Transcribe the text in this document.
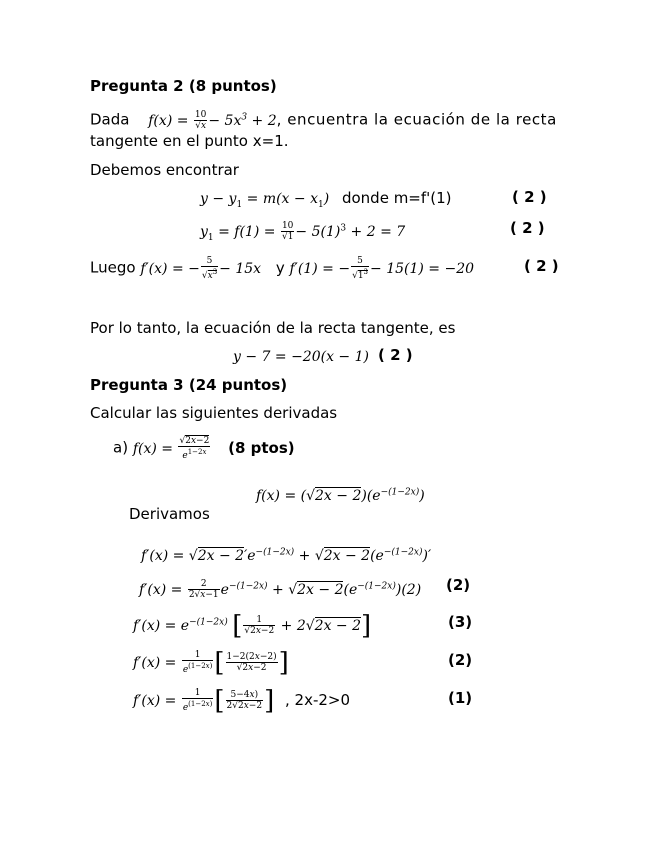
Pregunta 2 (8 puntos)
Dada $f(x) = \frac{10}{√x} - 5x^3 + 2$, encuentra la ecuación de la recta
tangente en el punto x=1.
Debemos encontrar
$y - y_1 = m(x - x_1)$ donde m=f'(1)	( 2 )
$y_1 = f(1) = \frac{10}{√1} - 5(1)^3 + 2 = 7$	( 2 )
Luego f′(x) = − $\frac{5}{√x^3} - 15x$ y f′(1) = − $\frac{5}{√1^3} - 15(1) = -20$	( 2 )
Por lo tanto, la ecuación de la recta tangente, es
y − 7 = −20(x − 1) ( 2 )
Pregunta 3 (24 puntos)
Calcular las siguientes derivadas
a) $f(x) = \frac{√2x-2}{e^{1-2x}} (8$ ptos)
$f(x) = (√2x - 2)(e^{-(1-2x)})$
Derivamos
$f'(x) = √2x - 2'e^{-(1-2x)} + √2x - 2(e^{-(1-2x)})'$
$f'(x) = \frac{2}{2√x-1} e^{-(1-2x)} + √2x - 2(e^{-(1-2x)})(2)$ (2)
$f'(x) = e^{-(1-2x)}$ [ $\frac{1}{√2x-2} + 2√2x - 2$]	(3)
$f'(x) = \frac{1}{e^{(1-2x)}}$ [ $\frac{1-2(2x-2)}{√2x-2}$ ]	(2)
$f'(x) = \frac{1}{e^{(1-2x)}}$ [ $\frac{5-4x)}{2√2x-2}$ ] , 2x-2>0	(1)
